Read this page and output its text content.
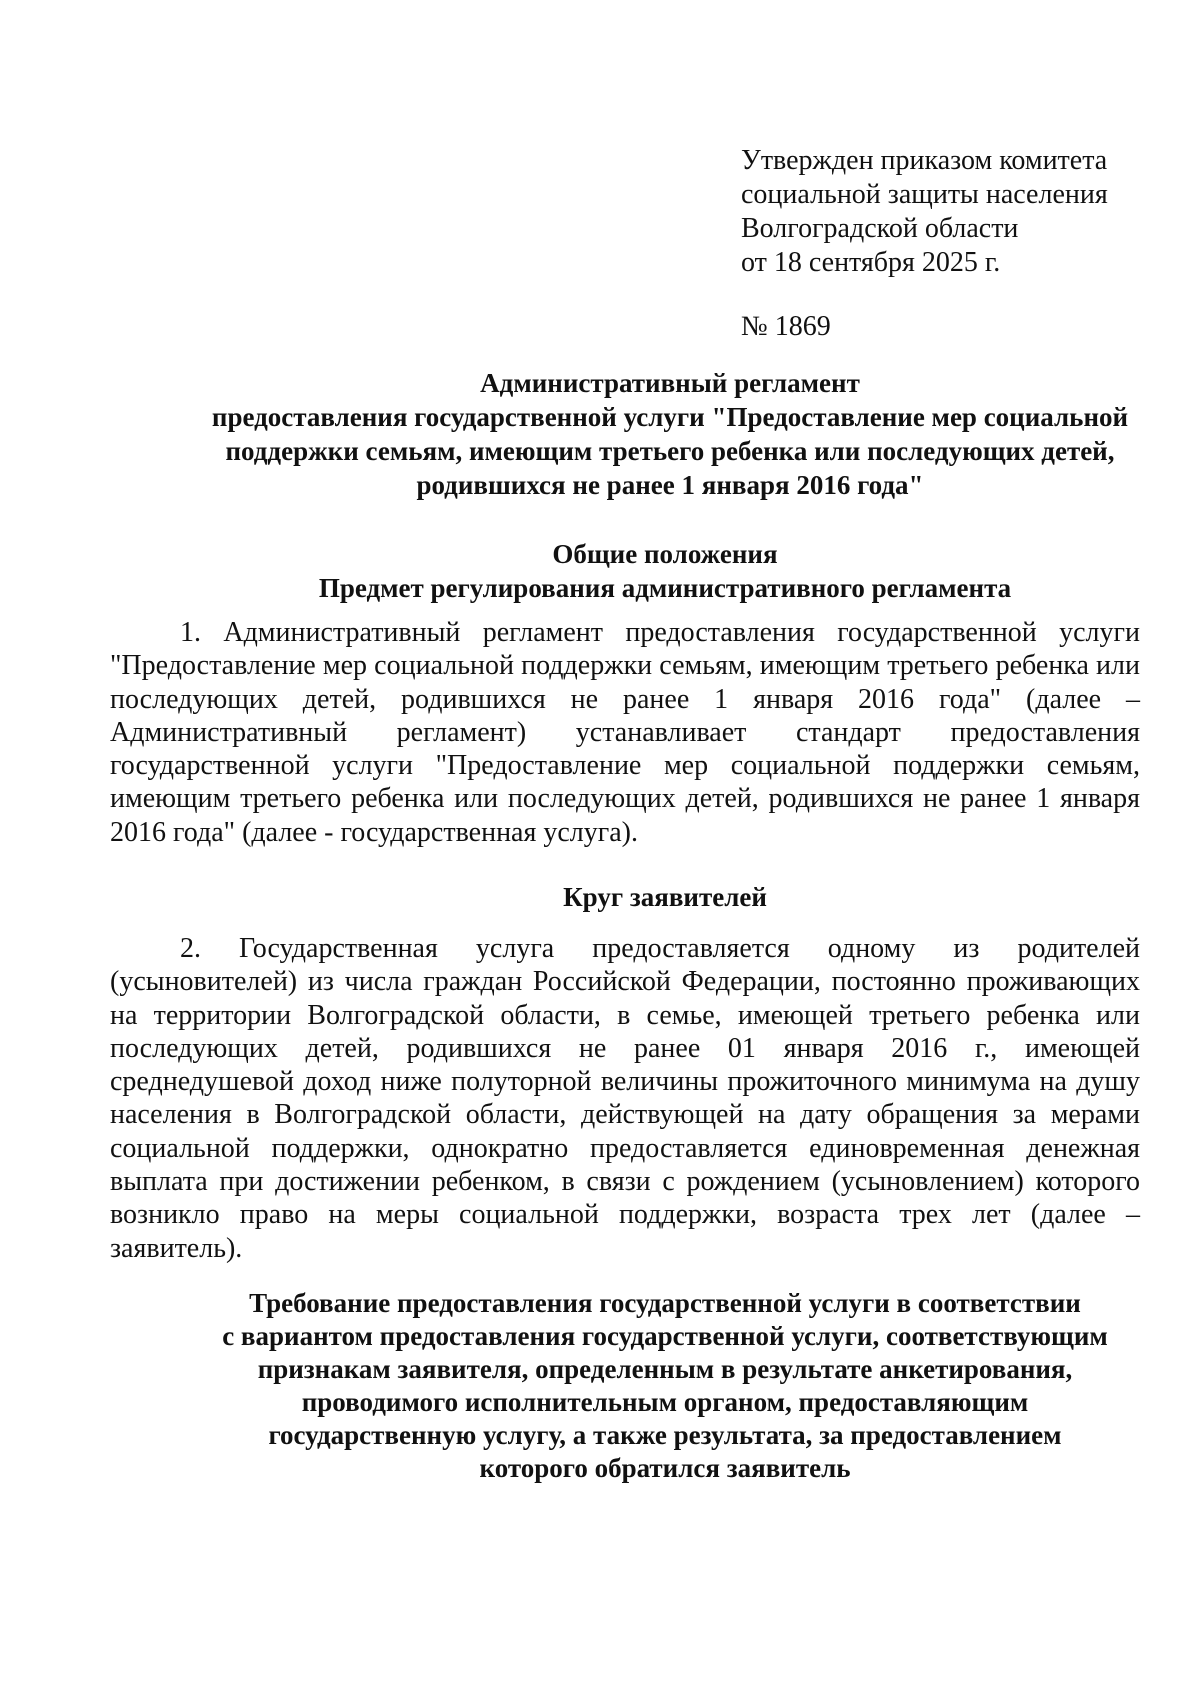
Утвержден приказом комитета
социальной защиты населения
Волгоградской области
от 18 сентября 2025 г.
№ 1869
Административный регламент
предоставления государственной услуги "Предоставление мер социальной
поддержки семьям, имеющим третьего ребенка или последующих детей,
родившихся не ранее 1 января 2016 года"
Общие положения
Предмет регулирования административного регламента
1. Административный регламент предоставления государственной услуги "Предоставление мер социальной поддержки семьям, имеющим третьего ребенка или последующих детей, родившихся не ранее 1 января 2016 года" (далее – Административный регламент) устанавливает стандарт предоставления государственной услуги "Предоставление мер социальной поддержки семьям, имеющим третьего ребенка или последующих детей, родившихся не ранее 1 января 2016 года" (далее - государственная услуга).
Круг заявителей
2. Государственная услуга предоставляется одному из родителей (усыновителей) из числа граждан Российской Федерации, постоянно проживающих на территории Волгоградской области, в семье, имеющей третьего ребенка или последующих детей, родившихся не ранее 01 января 2016 г., имеющей среднедушевой доход ниже полуторной величины прожиточного минимума на душу населения в Волгоградской области, действующей на дату обращения за мерами социальной поддержки, однократно предоставляется единовременная денежная выплата при достижении ребенком, в связи с рождением (усыновлением) которого возникло право на меры социальной поддержки, возраста трех лет (далее – заявитель).
Требование предоставления государственной услуги в соответствии
с вариантом предоставления государственной услуги, соответствующим
признакам заявителя, определенным в результате анкетирования,
проводимого исполнительным органом, предоставляющим
государственную услугу, а также результата, за предоставлением
которого обратился заявитель
